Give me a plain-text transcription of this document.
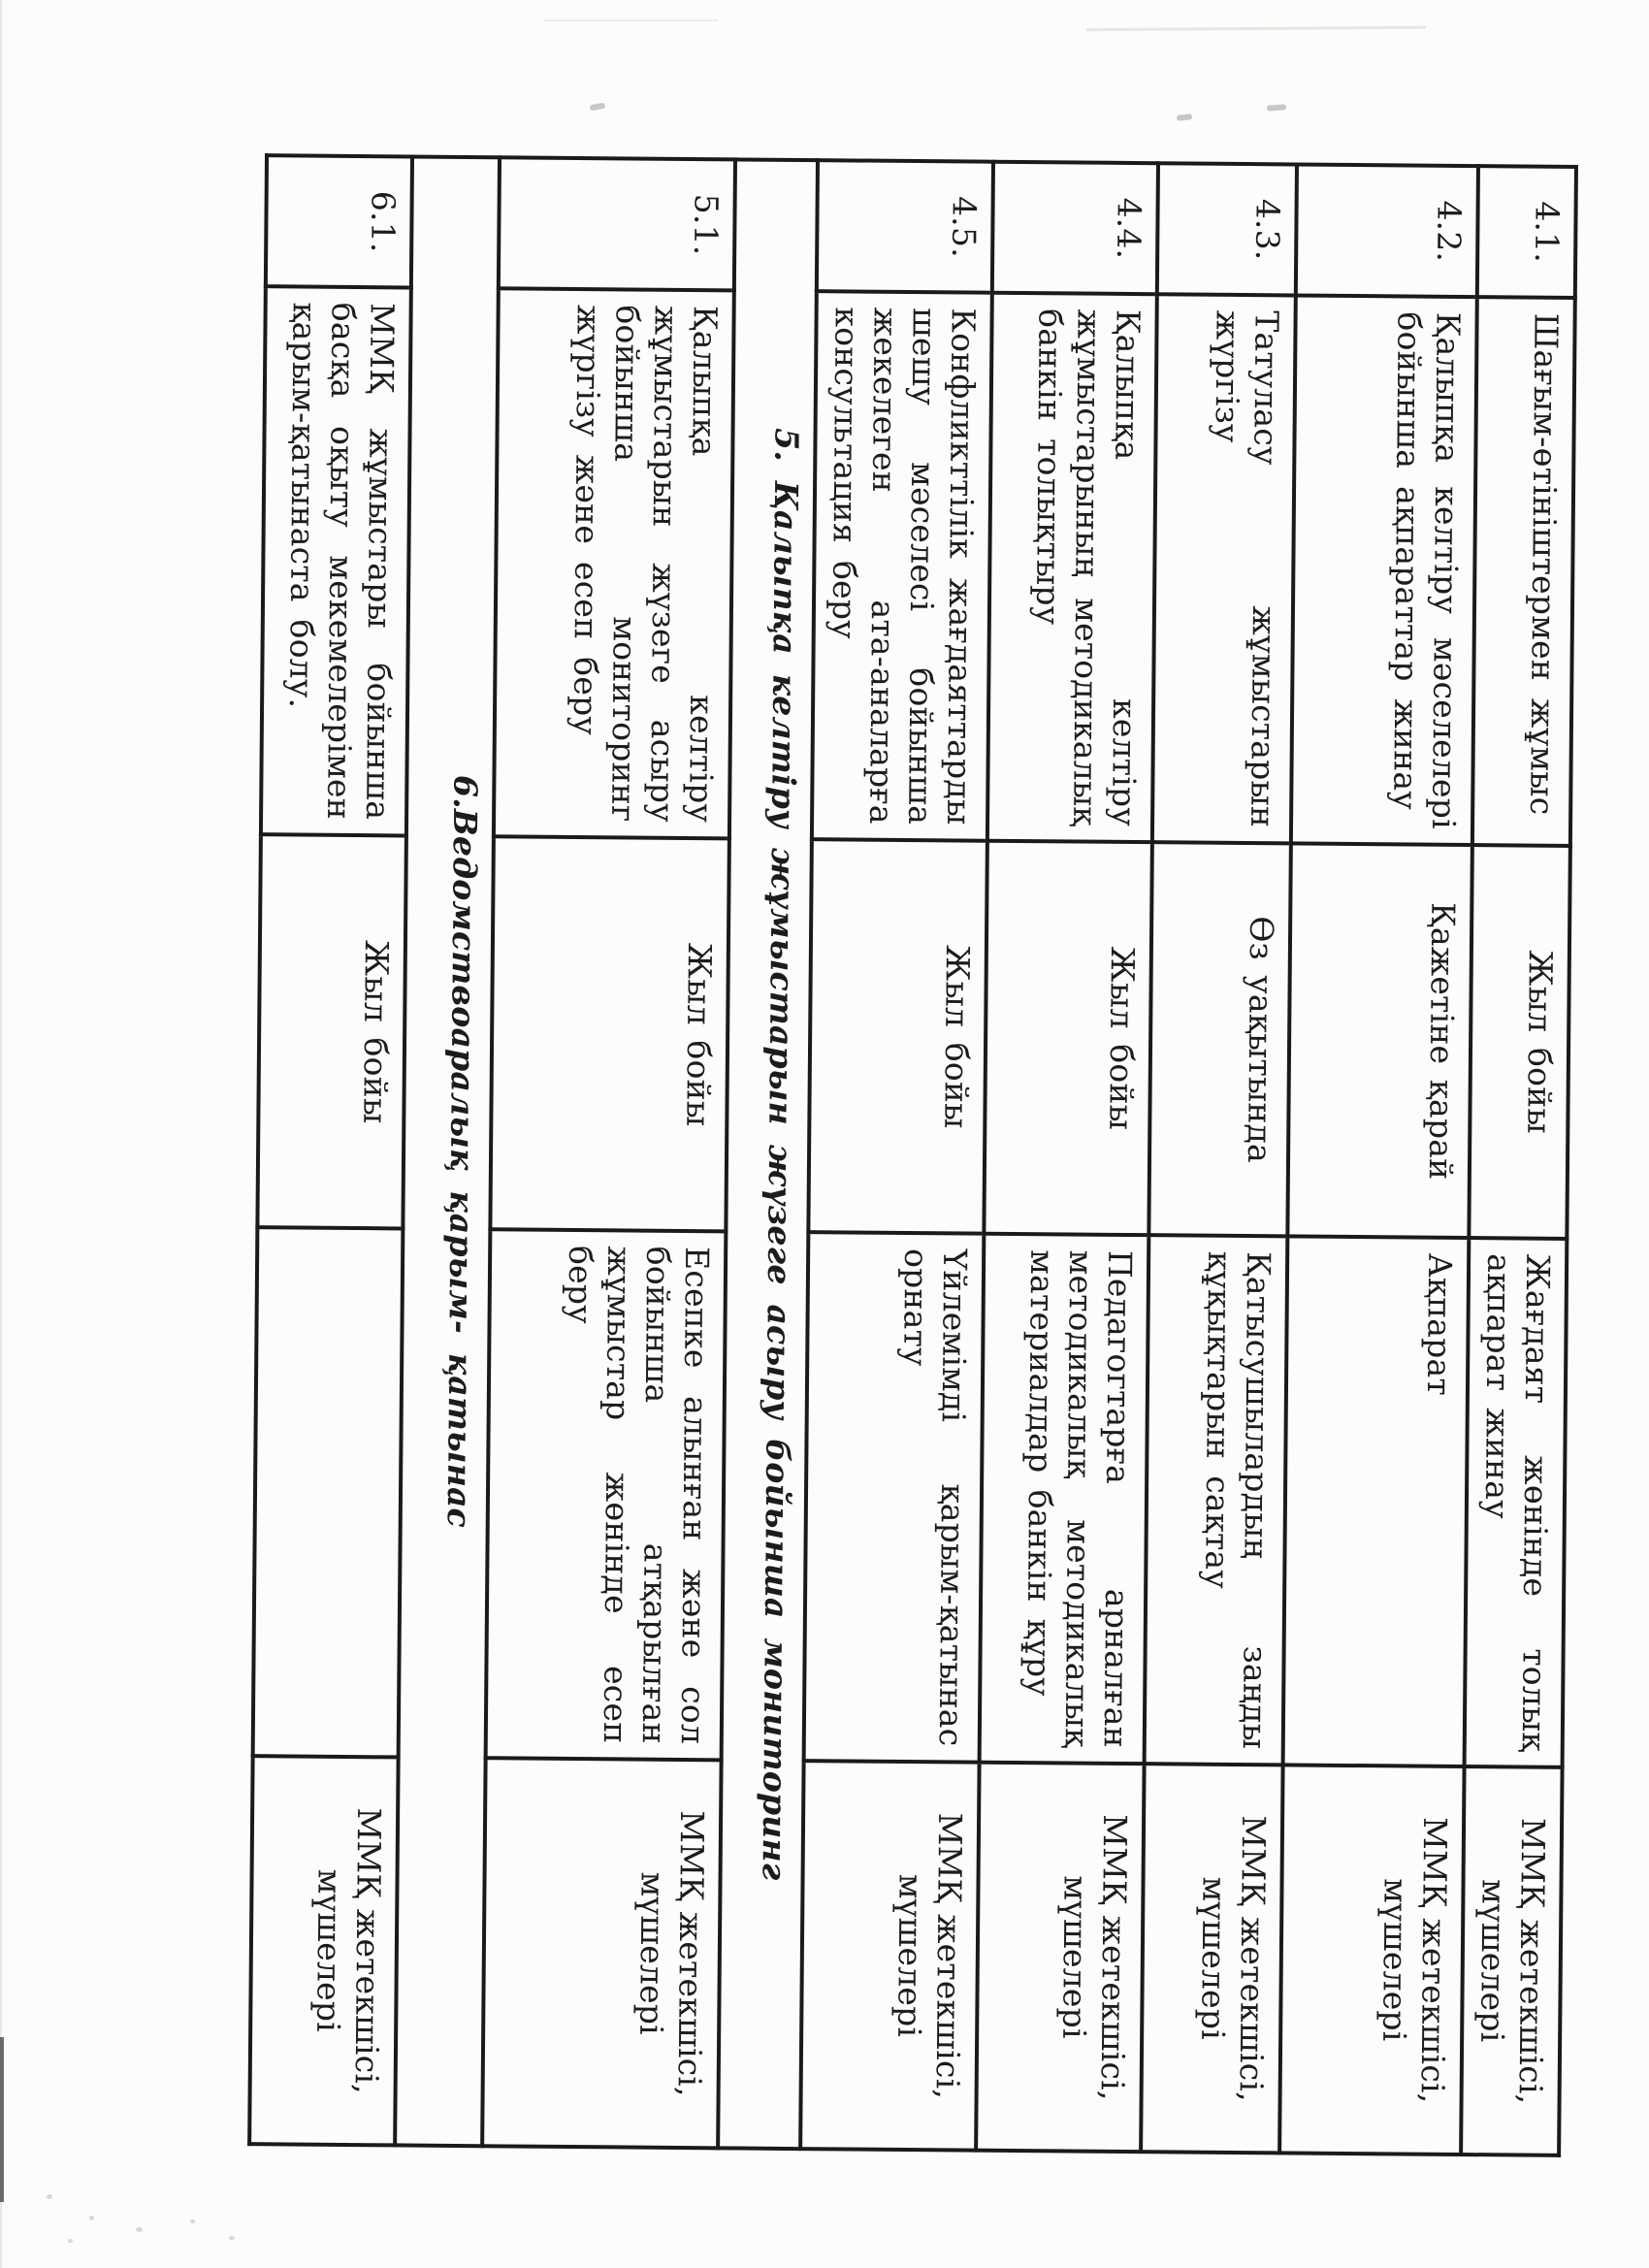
4.1.	Шағым-өтініштермен жұмыс	Жыл бойы	Жағдаят жөнінде толық ақпарат жинау	ММҚ жетекшісі, мүшелері
4.2.	Қалыпқа келтіру мәселелері бойынша ақпараттар жинау	Қажетіне қарай	Ақпарат	ММҚ жетекшісі, мүшелері
4.3.	Татуласу жұмыстарын жүргізу	Өз уақытында	Қатысушылардың заңды құқықтарын сақтау	ММҚ жетекшісі, мүшелері
4.4.	Қалыпқа келтіру жұмыстарының методикалық банкін толықтыру	Жыл бойы	Педагогтарға арналған методикалық методикалық материалдар банкін құру	ММҚ жетекшісі, мүшелері
4.5.	Конфликттілік жағдаяттарды шешу мәселесі бойынша жекелеген ата-аналарға консультация беру	Жыл бойы	Үйлемімді қарым-қатынас орнату	ММҚ жетекшісі, мүшелері
5. Қалыпқа келтіру жұмыстарын жүзеге асыру бойынша мониторинг				
5.1.	Қалыпқа келтіру жұмыстарын жүзеге асыру бойынша мониторинг жүргізу және есеп беру	Жыл бойы	Есепке алынған және сол бойынша атқарылған жұмыстар жөнінде есеп беру	ММҚ жетекшісі, мүшелері
6.Ведомствоаралық қарым- қатынас				
6.1.	ММҚ жұмыстары бойынша басқа оқыту мекемелерімен қарым-қатынаста болу.	Жыл бойы		ММҚ жетекшісі, мүшелері
